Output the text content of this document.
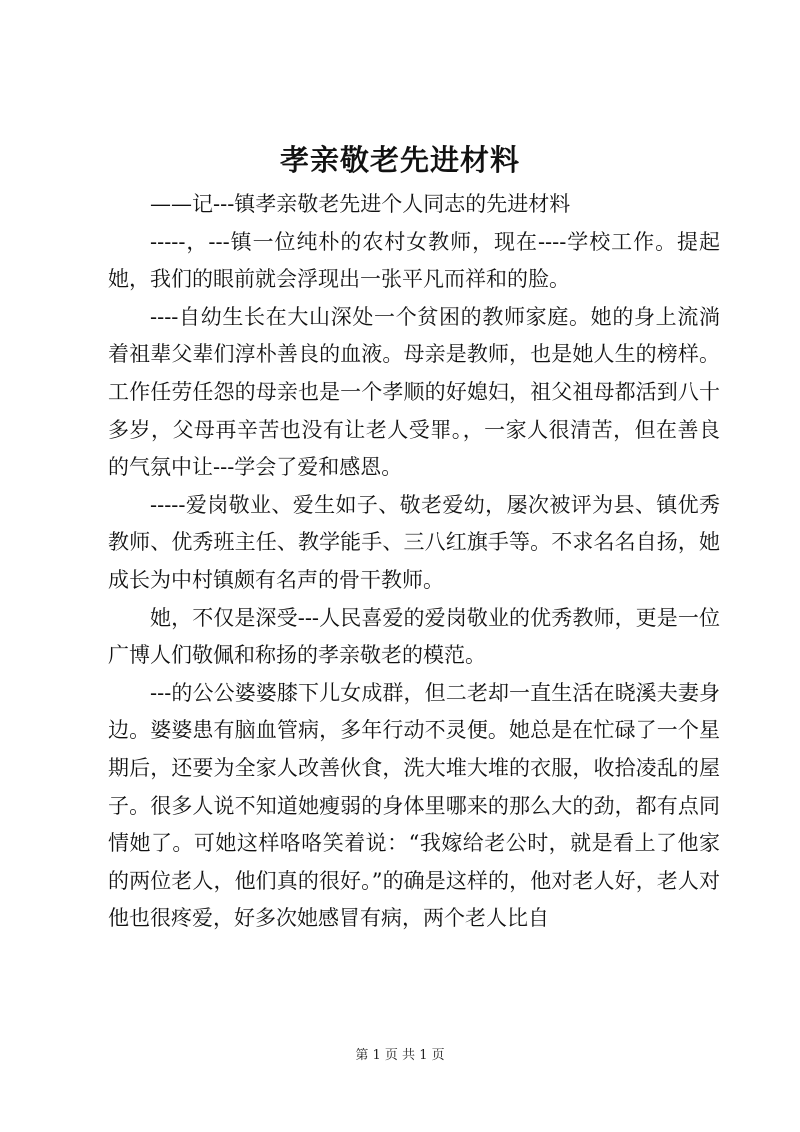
孝亲敬老先进材料

——记---镇孝亲敬老先进个人同志的先进材料

-----，---镇一位纯朴的农村女教师，现在----学校工作。提起她，我们的眼前就会浮现出一张平凡而祥和的脸。

----自幼生长在大山深处一个贫困的教师家庭。她的身上流淌着祖辈父辈们淳朴善良的血液。母亲是教师，也是她人生的榜样。工作任劳任怨的母亲也是一个孝顺的好媳妇，祖父祖母都活到八十多岁，父母再辛苦也没有让老人受罪。，一家人很清苦，但在善良的气氛中让---学会了爱和感恩。

-----爱岗敬业、爱生如子、敬老爱幼，屡次被评为县、镇优秀教师、优秀班主任、教学能手、三八红旗手等。不求名名自扬，她成长为中村镇颇有名声的骨干教师。

她，不仅是深受---人民喜爱的爱岗敬业的优秀教师，更是一位广博人们敬佩和称扬的孝亲敬老的模范。

---的公公婆婆膝下儿女成群，但二老却一直生活在晓溪夫妻身边。婆婆患有脑血管病，多年行动不灵便。她总是在忙碌了一个星期后，还要为全家人改善伙食，洗大堆大堆的衣服，收拾凌乱的屋子。很多人说不知道她瘦弱的身体里哪来的那么大的劲，都有点同情她了。可她这样咯咯笑着说：“我嫁给老公时，就是看上了他家的两位老人，他们真的很好。”的确是这样的，他对老人好，老人对他也很疼爱，好多次她感冒有病，两个老人比自

第 1 页 共 1 页
